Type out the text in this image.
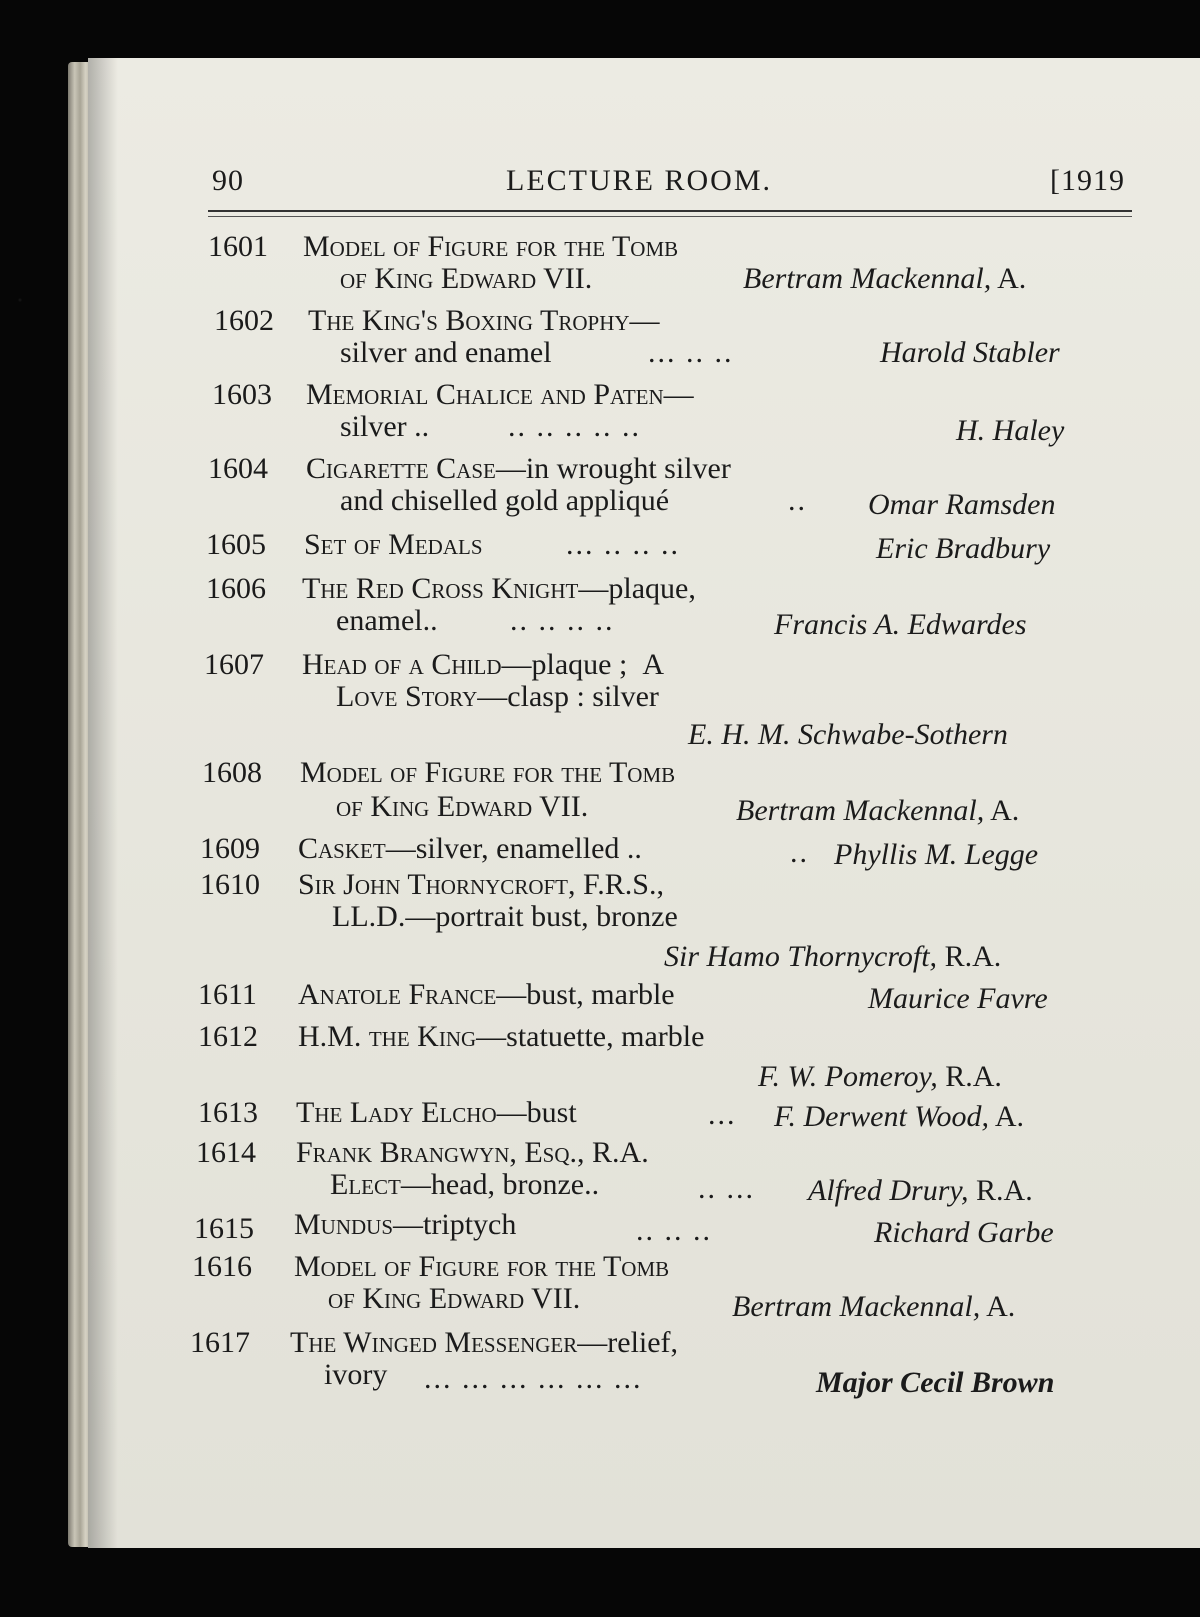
90	LECTURE ROOM.	[1919
1601 Model of Figure for the Tomb
of King Edward VII.	Bertram Mackennal, A.
1602 The King's Boxing Trophy—
silver and enamel	... .. ..	Harold Stabler
1603 Memorial Chalice and Paten—
silver ..	.. .. .. .. ..	H. Haley
1604 Cigarette Case—in wrought silver
and chiselled gold appliqué	.. Omar Ramsden
1605 Set of Medals	... .. .. ..	Eric Bradbury
1606 The Red Cross Knight—plaque,
enamel.. .. .. .. ..	Francis A. Edwardes
1607 Head of a Child—plaque ; A
Love Story—clasp : silver
E. H. M. Schwabe-Sothern
1608 Model of Figure for the Tomb
of King Edward VII.	Bertram Mackennal, A.
1609 Casket—silver, enamelled ..	.. Phyllis M. Legge
1610 Sir John Thornycroft, F.R.S.,
LL.D.—portrait bust, bronze
Sir Hamo Thornycroft, R.A.
1611 Anatole France—bust, marble	Maurice Favre
1612 H.M. the King—statuette, marble
F. W. Pomeroy, R.A.
1613 The Lady Elcho—bust	... F. Derwent Wood, A.
1614 Frank Brangwyn, Esq., R.A.
Elect—head, bronze..	.. ... Alfred Drury, R.A.
1615 Mundus—triptych	.. .. ..	Richard Garbe
1616 Model of Figure for the Tomb
of King Edward VII.	Bertram Mackennal, A.
1617 The Winged Messenger—relief,
ivory ... ... ... ... ... ...	Major Cecil Brown
